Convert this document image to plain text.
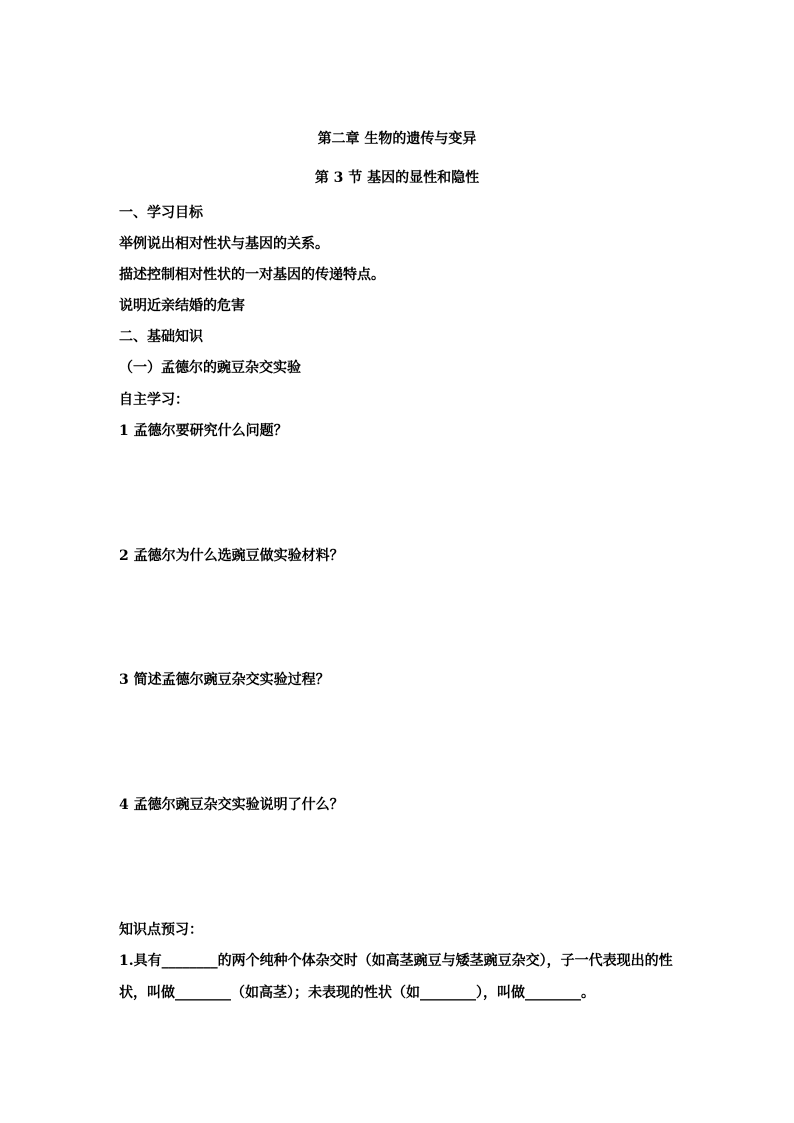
第二章 生物的遗传与变异
第 3 节 基因的显性和隐性
一、学习目标
举例说出相对性状与基因的关系。
描述控制相对性状的一对基因的传递特点。
说明近亲结婚的危害
二、基础知识
（一）孟德尔的豌豆杂交实验
自主学习：
1 孟德尔要研究什么问题？
2 孟德尔为什么选豌豆做实验材料？
3 简述孟德尔豌豆杂交实验过程？
4 孟德尔豌豆杂交实验说明了什么？
知识点预习：
1.具有________的两个纯种个体杂交时（如高茎豌豆与矮茎豌豆杂交），子一代表现出的性
状，叫做________（如高茎）；未表现的性状（如________），叫做________。
